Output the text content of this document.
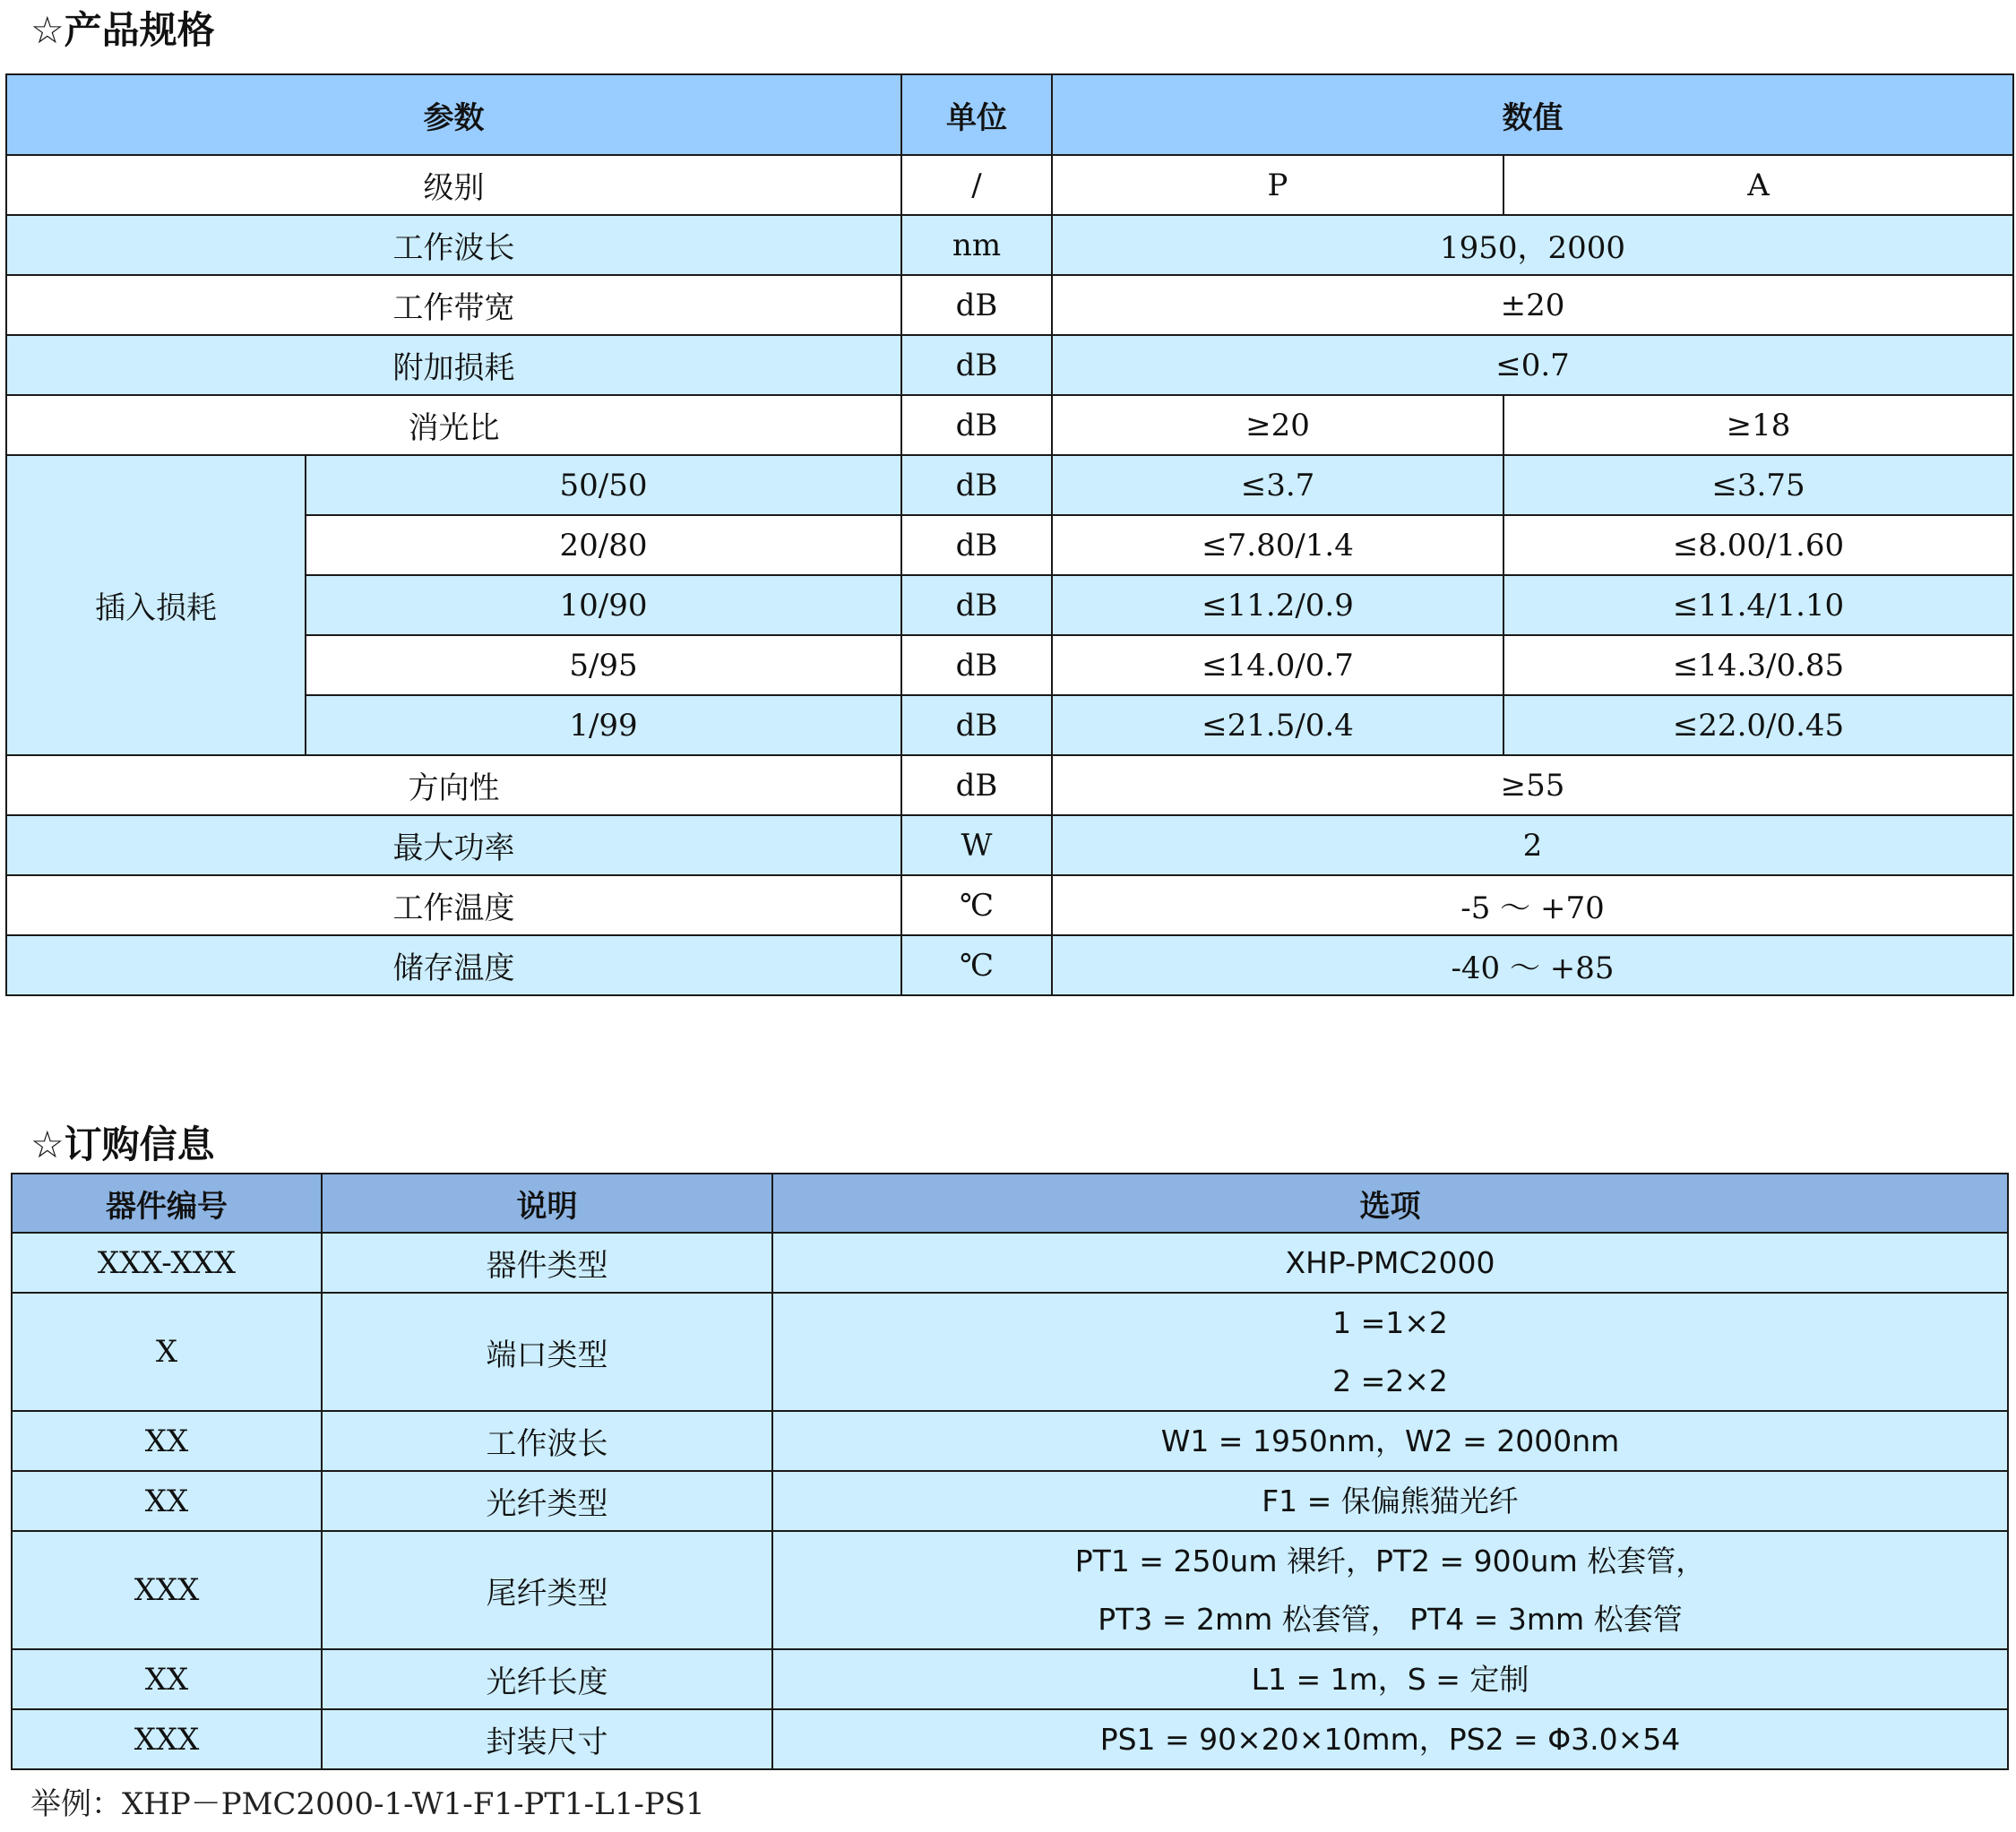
☆产品规格
参数		单位	数值	
级别		/	P	A
工作波长		nm	1950，2000	
工作带宽		dB	±20	
附加损耗		dB	≤0.7	
消光比		dB	≥20	≥18
插入损耗	50/50	dB	≤3.7	≤3.75
	20/80	dB	≤7.80/1.4	≤8.00/1.60
	10/90	dB	≤11.2/0.9	≤11.4/1.10
	5/95	dB	≤14.0/0.7	≤14.3/0.85
	1/99	dB	≤21.5/0.4	≤22.0/0.45
方向性		dB	≥55	
最大功率		W	2	
工作温度		℃	-5 ～ +70	
储存温度		℃	-40 ～ +85	
☆订购信息
器件编号	说明	选项
XXX-XXX	器件类型	XHP-PMC2000

X	端口类型	1 =1×2
2 =2×2

XX	工作波长	W1 = 1950nm，W2 = 2000nm

XX	光纤类型	F1 = 保偏熊猫光纤

XXX	尾纤类型	PT1 = 250um 裸纤，PT2 = 900um 松套管，
PT3 = 2mm 松套管， PT4 = 3mm 松套管

XX	光纤长度	L1 = 1m，S = 定制

XXX	封装尺寸	PS1 = 90×20×10mm，PS2 = Φ3.0×54
举例：XHP－PMC2000-1-W1-F1-PT1-L1-PS1
